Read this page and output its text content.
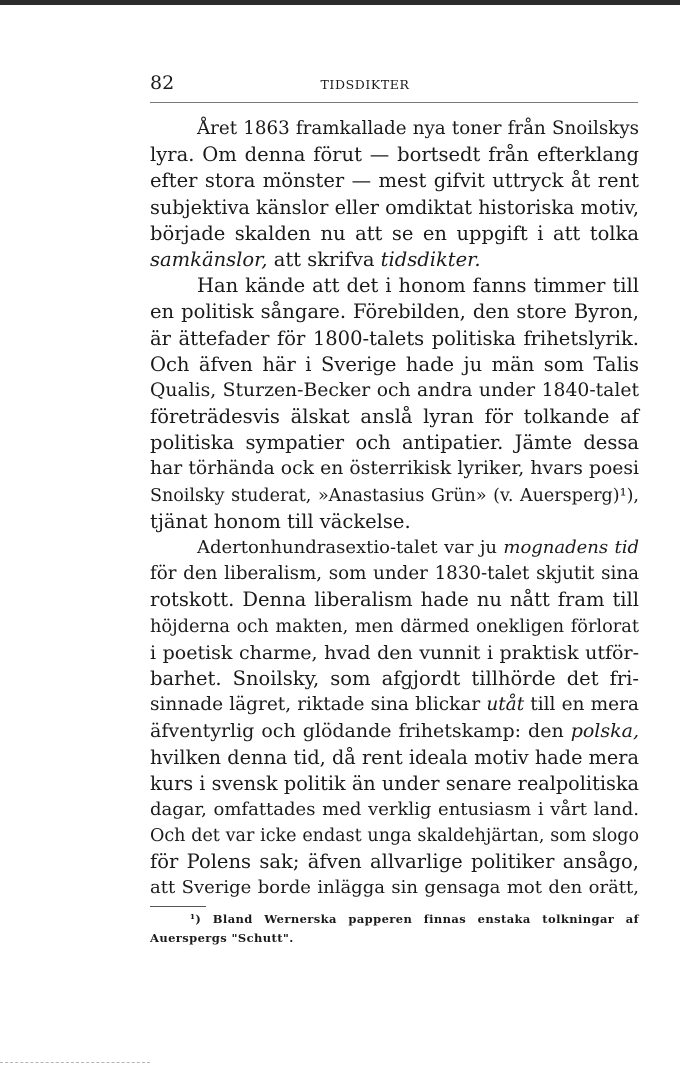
82	TIDSDIKTER
Året 1863 framkallade nya toner från Snoilskys
lyra. Om denna förut — bortsedt från efterklang
efter stora mönster — mest gifvit uttryck åt rent
subjektiva känslor eller omdiktat historiska motiv,
började skalden nu att se en uppgift i att tolka
samkänslor, att skrifva tidsdikter.
Han kände att det i honom fanns timmer till
en politisk sångare. Förebilden, den store Byron,
är ättefader för 1800-talets politiska frihetslyrik.
Och äfven här i Sverige hade ju män som Talis
Qualis, Sturzen-Becker och andra under 1840-talet
företrädesvis älskat anslå lyran för tolkande af
politiska sympatier och antipatier. Jämte dessa
har törhända ock en österrikisk lyriker, hvars poesi
Snoilsky studerat, »Anastasius Grün» (v. Auersperg)¹),
tjänat honom till väckelse.
Adertonhundrasextio-talet var ju mognadens tid
för den liberalism, som under 1830-talet skjutit sina
rotskott. Denna liberalism hade nu nått fram till
höjderna och makten, men därmed onekligen förlorat
i poetisk charme, hvad den vunnit i praktisk utför-
barhet. Snoilsky, som afgjordt tillhörde det fri-
sinnade lägret, riktade sina blickar utåt till en mera
äfventyrlig och glödande frihetskamp: den polska,
hvilken denna tid, då rent ideala motiv hade mera
kurs i svensk politik än under senare realpolitiska
dagar, omfattades med verklig entusiasm i vårt land.
Och det var icke endast unga skaldehjärtan, som slogo
för Polens sak; äfven allvarlige politiker ansågo,
att Sverige borde inlägga sin gensaga mot den orätt,
¹) Bland Wernerska papperen finnas enstaka tolkningar af
Auerspergs "Schutt".
